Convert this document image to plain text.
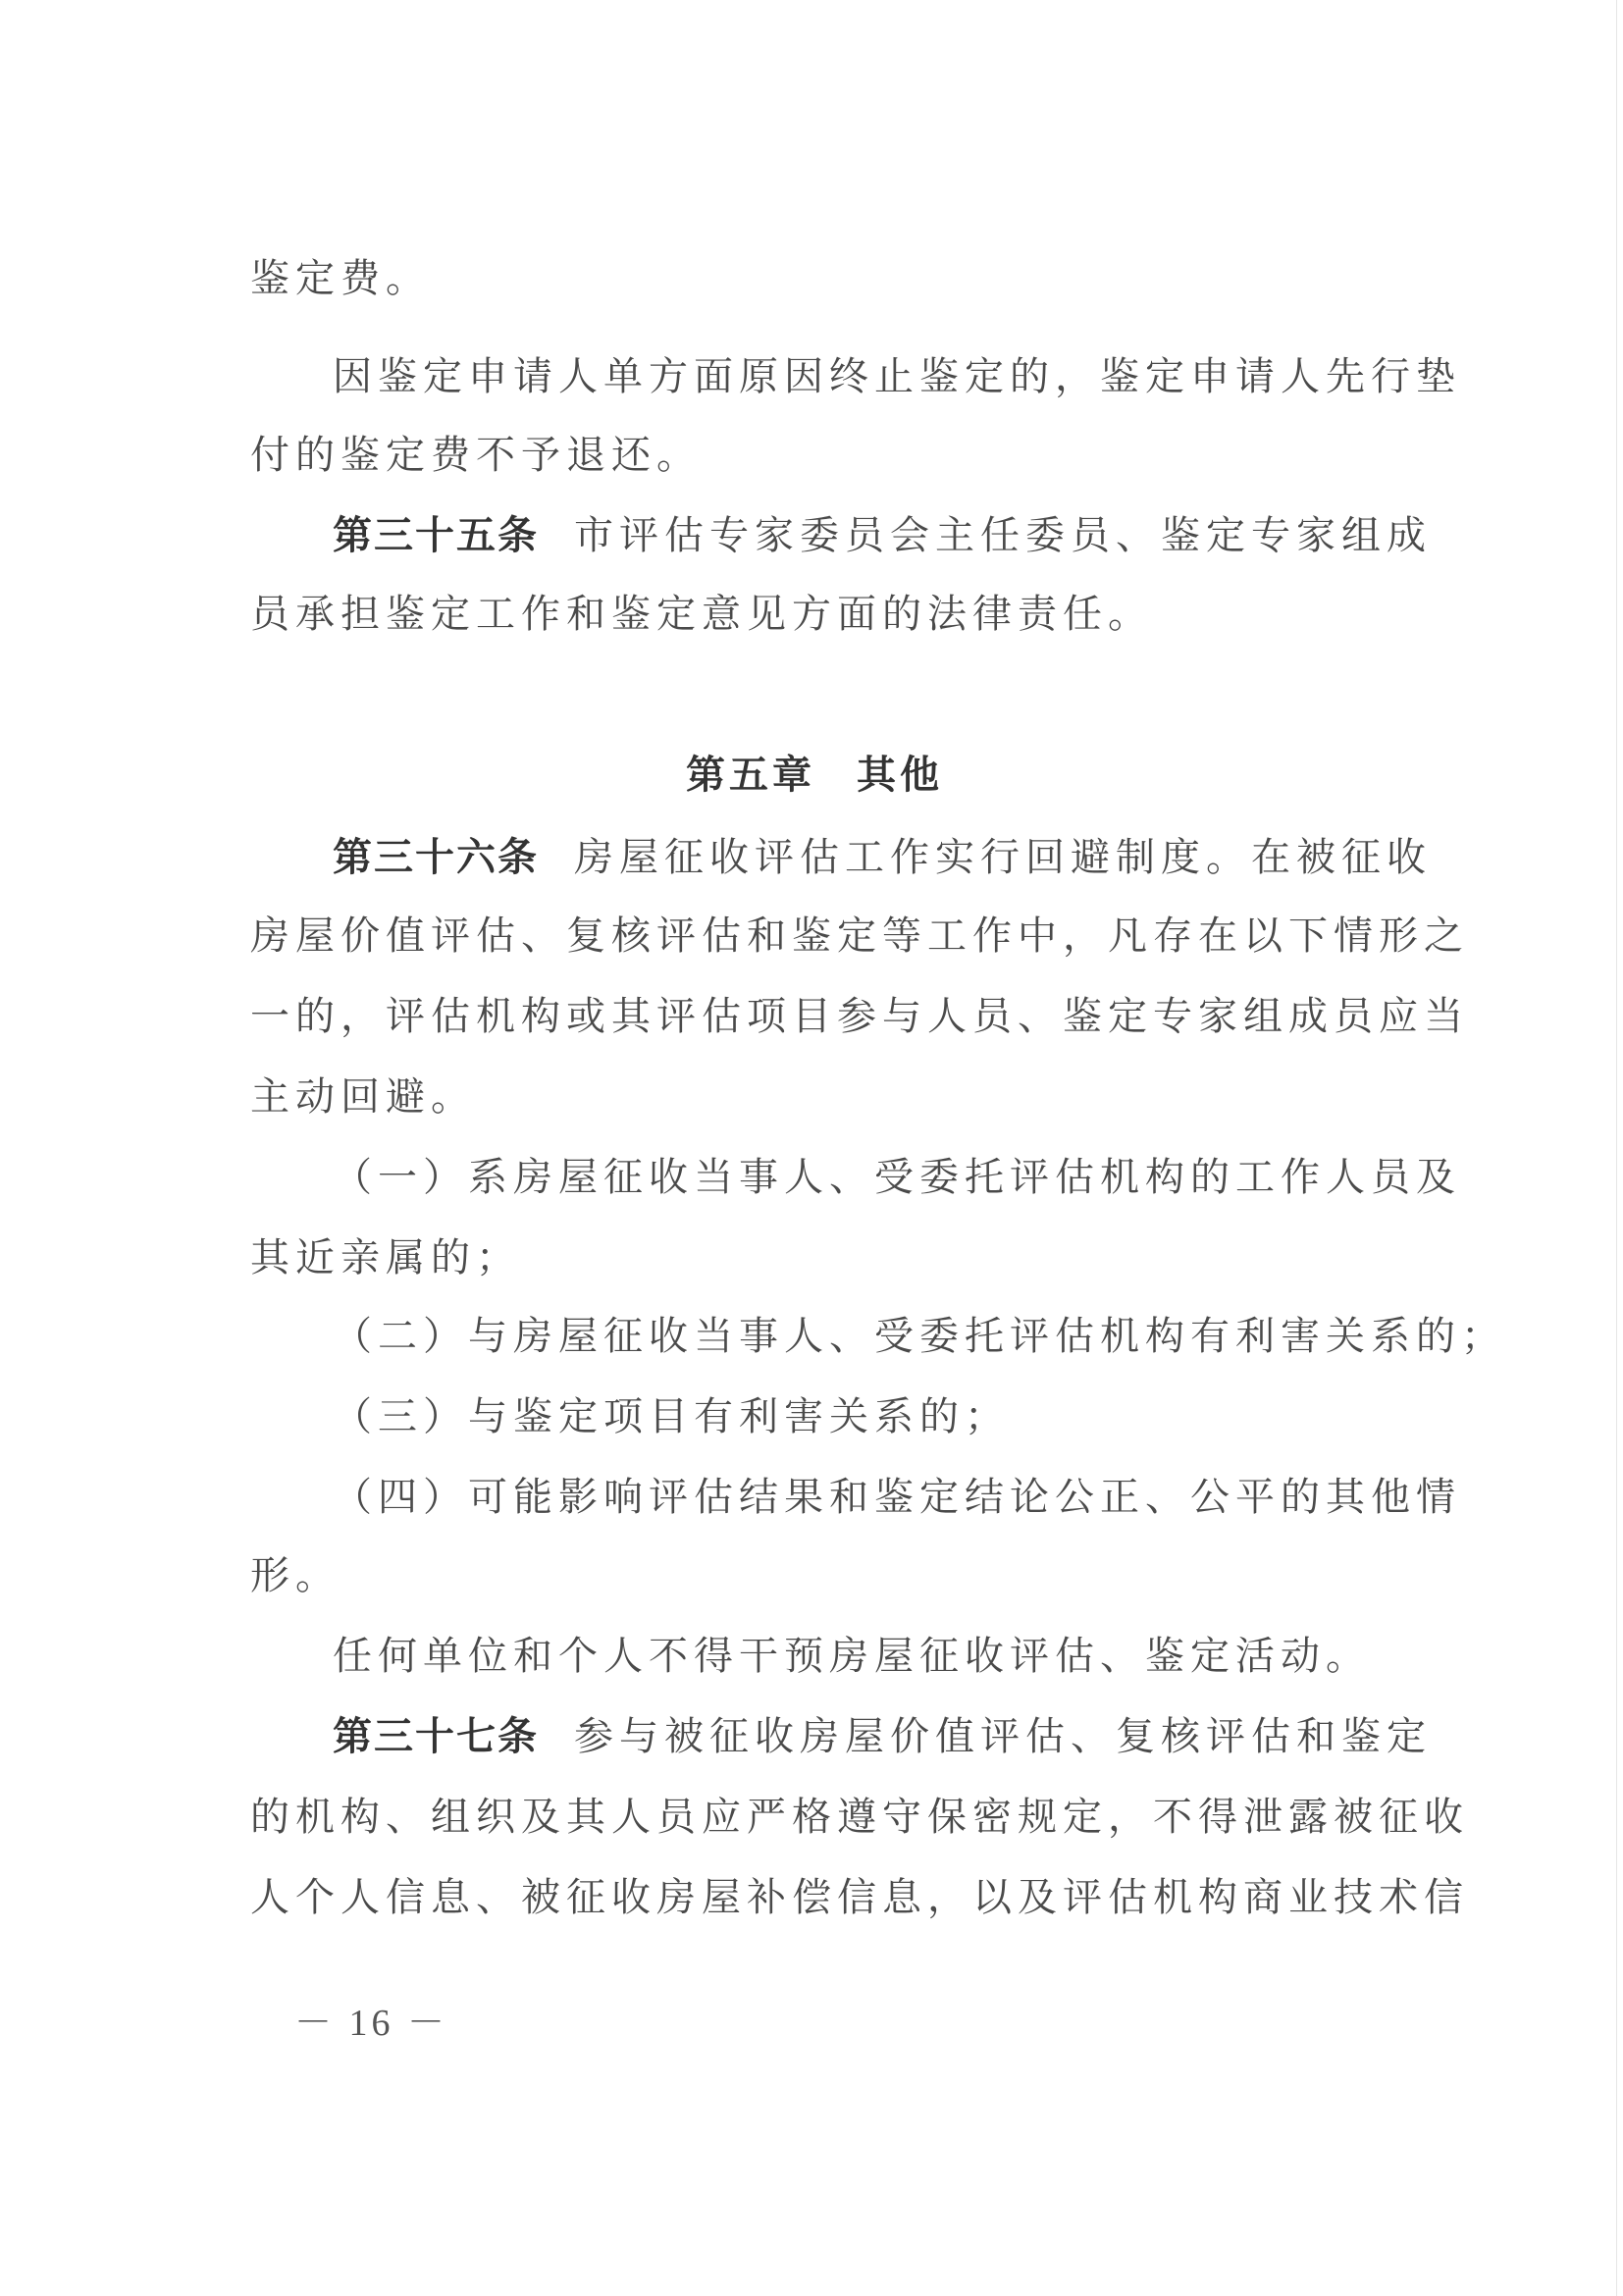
鉴定费。
因鉴定申请人单方面原因终止鉴定的，鉴定申请人先行垫
付的鉴定费不予退还。
第三十五条 市评估专家委员会主任委员、鉴定专家组成
员承担鉴定工作和鉴定意见方面的法律责任。
第五章 其他
第三十六条 房屋征收评估工作实行回避制度。在被征收
房屋价值评估、复核评估和鉴定等工作中，凡存在以下情形之
一的，评估机构或其评估项目参与人员、鉴定专家组成员应当
主动回避。
（一）系房屋征收当事人、受委托评估机构的工作人员及
其近亲属的；
（二）与房屋征收当事人、受委托评估机构有利害关系的；
（三）与鉴定项目有利害关系的；
（四）可能影响评估结果和鉴定结论公正、公平的其他情
形。
任何单位和个人不得干预房屋征收评估、鉴定活动。
第三十七条 参与被征收房屋价值评估、复核评估和鉴定
的机构、组织及其人员应严格遵守保密规定，不得泄露被征收
人个人信息、被征收房屋补偿信息，以及评估机构商业技术信
－ 16 －
